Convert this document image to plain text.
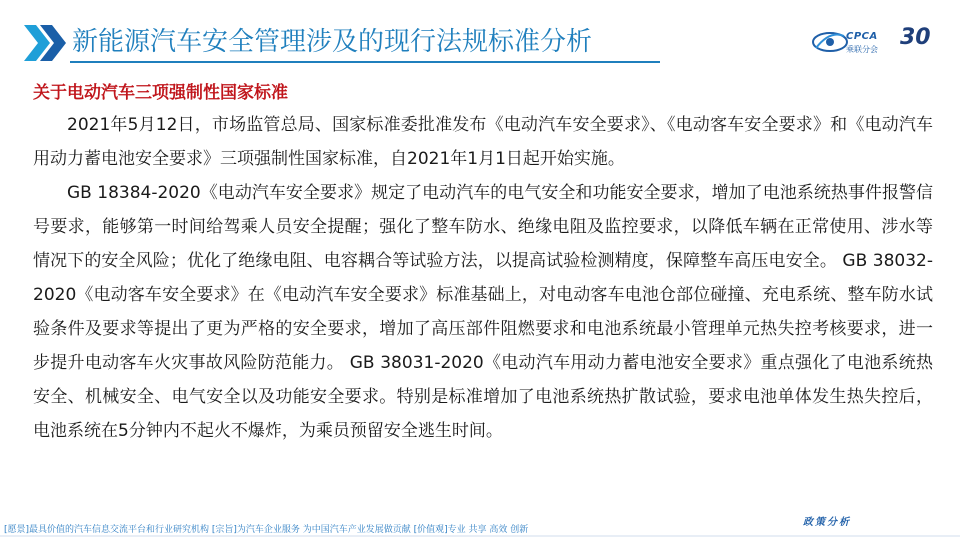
新能源汽车安全管理涉及的现行法规标准分析	CPCA
乘联分会 30
关于电动汽车三项强制性国家标准

2021年5月12日，市场监管总局、国家标准委批准发布《电动汽车安全要求》、《电动客车安全要求》和《电动汽车用动力蓄电池安全要求》三项强制性国家标准，自2021年1月1日起开始实施。

GB 18384-2020《电动汽车安全要求》规定了电动汽车的电气安全和功能安全要求，增加了电池系统热事件报警信号要求，能够第一时间给驾乘人员安全提醒；强化了整车防水、绝缘电阻及监控要求，以降低车辆在正常使用、涉水等情况下的安全风险；优化了绝缘电阻、电容耦合等试验方法，以提高试验检测精度，保障整车高压电安全。 GB 38032-2020《电动客车安全要求》在《电动汽车安全要求》标准基础上，对电动客车电池仓部位碰撞、充电系统、整车防水试验条件及要求等提出了更为严格的安全要求，增加了高压部件阻燃要求和电池系统最小管理单元热失控考核要求，进一步提升电动客车火灾事故风险防范能力。 GB 38031-2020《电动汽车用动力蓄电池安全要求》重点强化了电池系统热安全、机械安全、电气安全以及功能安全要求。特别是标准增加了电池系统热扩散试验，要求电池单体发生热失控后，电池系统在5分钟内不起火不爆炸，为乘员预留安全逃生时间。

[愿景]最具价值的汽车信息交流平台和行业研究机构 [宗旨]为汽车企业服务 为中国汽车产业发展做贡献 [价值观]专业 共享 高效 创新
政策分析
